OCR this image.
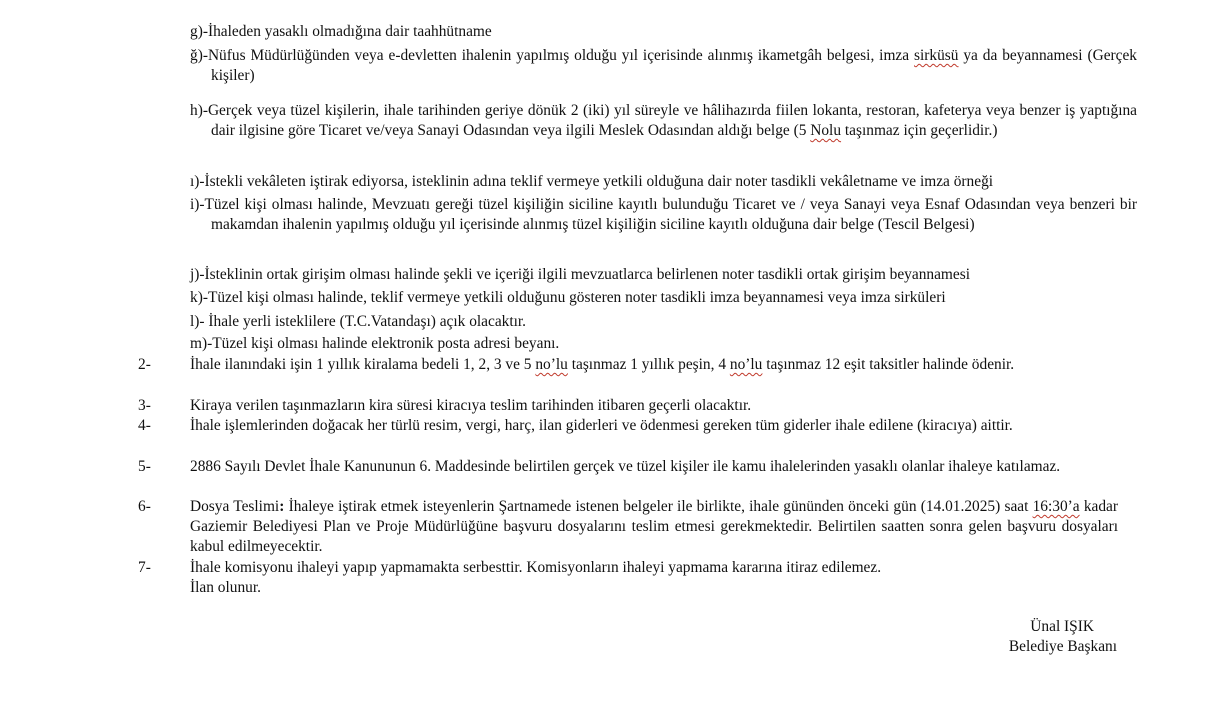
g)-İhaleden yasaklı olmadığına dair taahhütname
ğ)-Nüfus Müdürlüğünden veya e-devletten ihalenin yapılmış olduğu yıl içerisinde alınmış ikametgâh belgesi, imza sirküsü ya da beyannamesi (Gerçek kişiler)
h)-Gerçek veya tüzel kişilerin, ihale tarihinden geriye dönük 2 (iki) yıl süreyle ve hâlihazırda fiilen lokanta, restoran, kafeterya veya benzer iş yaptığına dair ilgisine göre Ticaret ve/veya Sanayi Odasından veya ilgili Meslek Odasından aldığı belge (5 Nolu taşınmaz için geçerlidir.)
ı)-İstekli vekâleten iştirak ediyorsa, isteklinin adına teklif vermeye yetkili olduğuna dair noter tasdikli vekâletname ve imza örneği
i)-Tüzel kişi olması halinde, Mevzuatı gereği tüzel kişiliğin siciline kayıtlı bulunduğu Ticaret ve / veya Sanayi veya Esnaf Odasından veya benzeri bir makamdan ihalenin yapılmış olduğu yıl içerisinde alınmış tüzel kişiliğin siciline kayıtlı olduğuna dair belge (Tescil Belgesi)
j)-İsteklinin ortak girişim olması halinde şekli ve içeriği ilgili mevzuatlarca belirlenen noter tasdikli ortak girişim beyannamesi
k)-Tüzel kişi olması halinde, teklif vermeye yetkili olduğunu gösteren noter tasdikli imza beyannamesi veya imza sirküleri
l)- İhale yerli isteklilere (T.C.Vatandaşı) açık olacaktır.
m)-Tüzel kişi olması halinde elektronik posta adresi beyanı.
2-	İhale ilanındaki işin 1 yıllık kiralama bedeli 1, 2, 3 ve 5 no’lu taşınmaz 1 yıllık peşin, 4 no’lu taşınmaz 12 eşit taksitler halinde ödenir.
3-	Kiraya verilen taşınmazların kira süresi kiracıya teslim tarihinden itibaren geçerli olacaktır.
4-	İhale işlemlerinden doğacak her türlü resim, vergi, harç, ilan giderleri ve ödenmesi gereken tüm giderler ihale edilene (kiracıya) aittir.
5-	2886 Sayılı Devlet İhale Kanununun 6. Maddesinde belirtilen gerçek ve tüzel kişiler ile kamu ihalelerinden yasaklı olanlar ihaleye katılamaz.
6-	Dosya Teslimi: İhaleye iştirak etmek isteyenlerin Şartnamede istenen belgeler ile birlikte, ihale gününden önceki gün (14.01.2025) saat 16:30’a kadar Gaziemir Belediyesi Plan ve Proje Müdürlüğüne başvuru dosyalarını teslim etmesi gerekmektedir. Belirtilen saatten sonra gelen başvuru dosyaları kabul edilmeyecektir.
7-	İhale komisyonu ihaleyi yapıp yapmamakta serbesttir. Komisyonların ihaleyi yapmama kararına itiraz edilemez.
İlan olunur.
Ünal IŞIK
Belediye Başkanı
